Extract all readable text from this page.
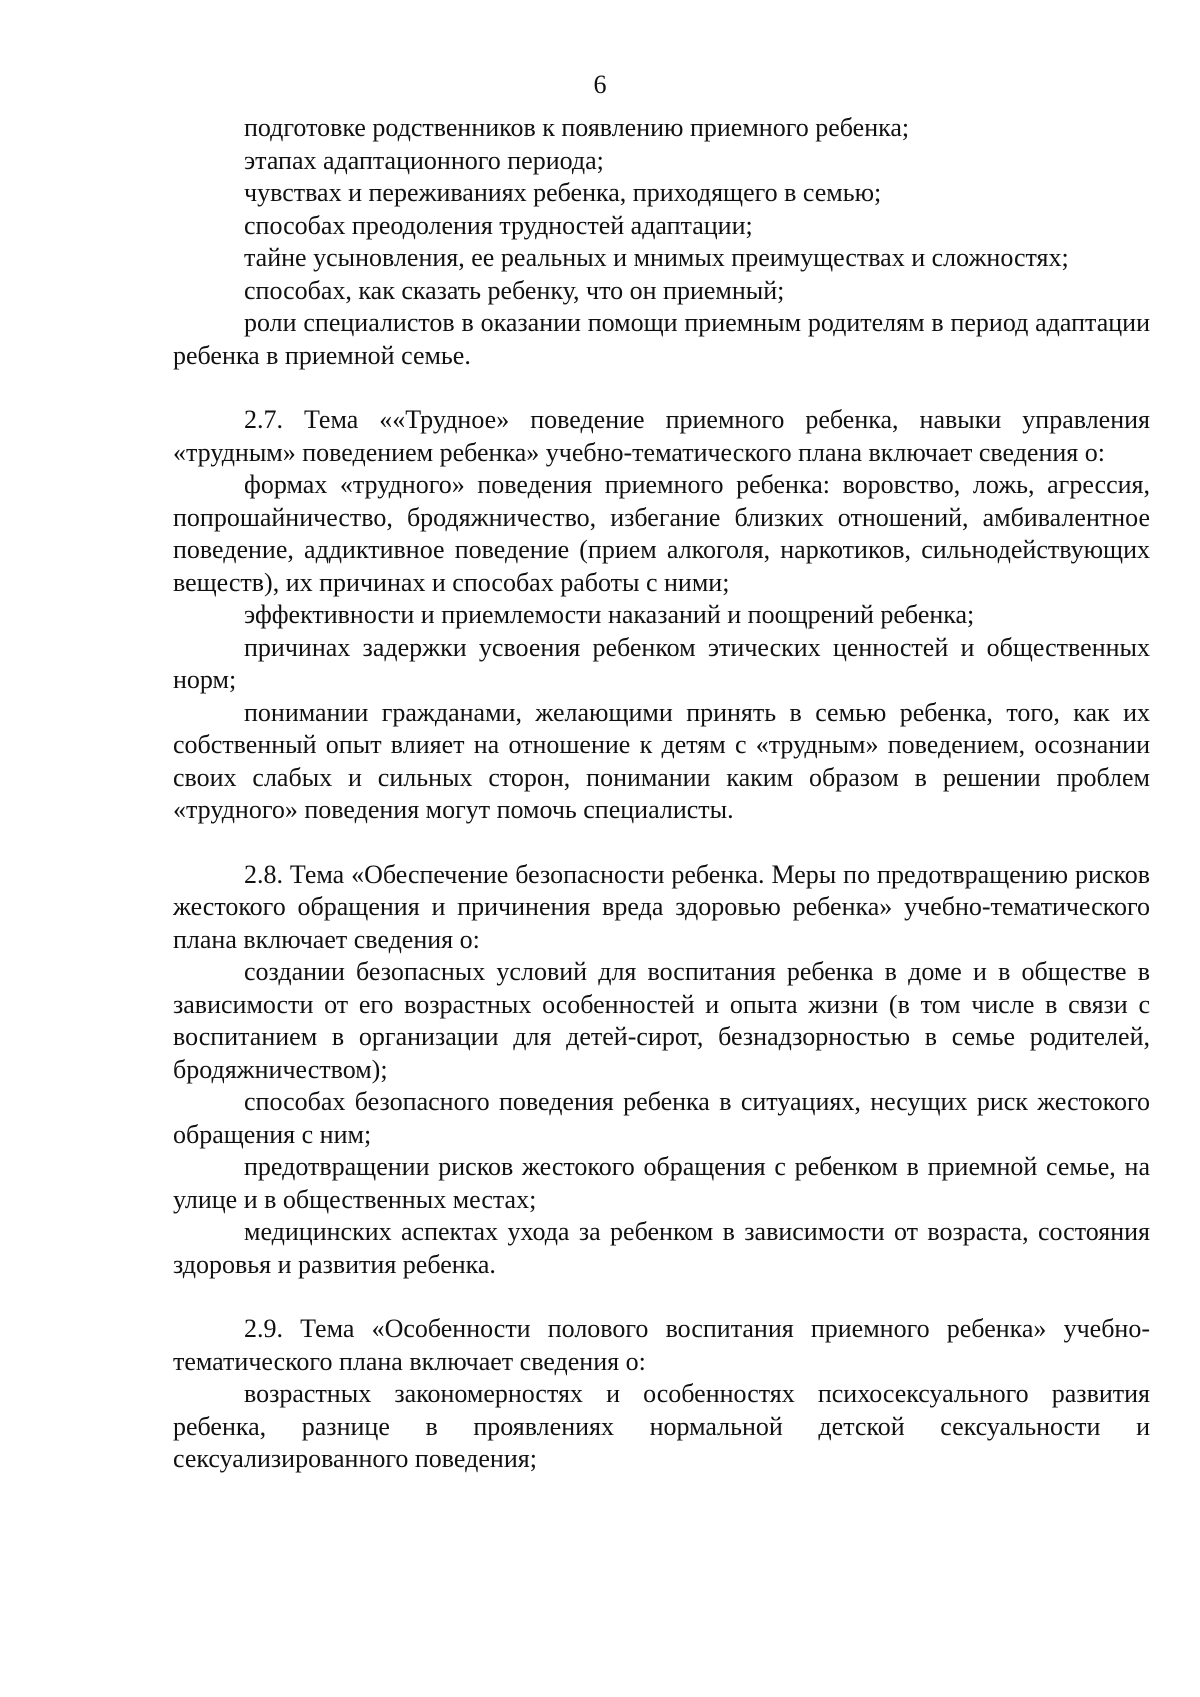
6

подготовке родственников к появлению приемного ребенка;

этапах адаптационного периода;

чувствах и переживаниях ребенка, приходящего в семью;

способах преодоления трудностей адаптации;

тайне усыновления, ее реальных и мнимых преимуществах и сложностях;

способах, как сказать ребенку, что он приемный;

роли специалистов в оказании помощи приемным родителям в период адаптации ребенка в приемной семье.

2.7. Тема ««Трудное» поведение приемного ребенка, навыки управления «трудным» поведением ребенка» учебно-тематического плана включает сведения о:

формах «трудного» поведения приемного ребенка: воровство, ложь, агрессия, попрошайничество, бродяжничество, избегание близких отношений, амбивалентное поведение, аддиктивное поведение (прием алкоголя, наркотиков, сильнодействующих веществ), их причинах и способах работы с ними;

эффективности и приемлемости наказаний и поощрений ребенка;

причинах задержки усвоения ребенком этических ценностей и общественных норм;

понимании гражданами, желающими принять в семью ребенка, того, как их собственный опыт влияет на отношение к детям с «трудным» поведением, осознании своих слабых и сильных сторон, понимании каким образом в решении проблем «трудного» поведения могут помочь специалисты.

2.8. Тема «Обеспечение безопасности ребенка. Меры по предотвращению рисков жестокого обращения и причинения вреда здоровью ребенка» учебно-тематического плана включает сведения о:

создании безопасных условий для воспитания ребенка в доме и в обществе в зависимости от его возрастных особенностей и опыта жизни (в том числе в связи с воспитанием в организации для детей-сирот, безнадзорностью в семье родителей, бродяжничеством);

способах безопасного поведения ребенка в ситуациях, несущих риск жестокого обращения с ним;

предотвращении рисков жестокого обращения с ребенком в приемной семье, на улице и в общественных местах;

медицинских аспектах ухода за ребенком в зависимости от возраста, состояния здоровья и развития ребенка.

2.9. Тема «Особенности полового воспитания приемного ребенка» учебно-тематического плана включает сведения о:

возрастных закономерностях и особенностях психосексуального развития ребенка, разнице в проявлениях нормальной детской сексуальности и сексуализированного поведения;
